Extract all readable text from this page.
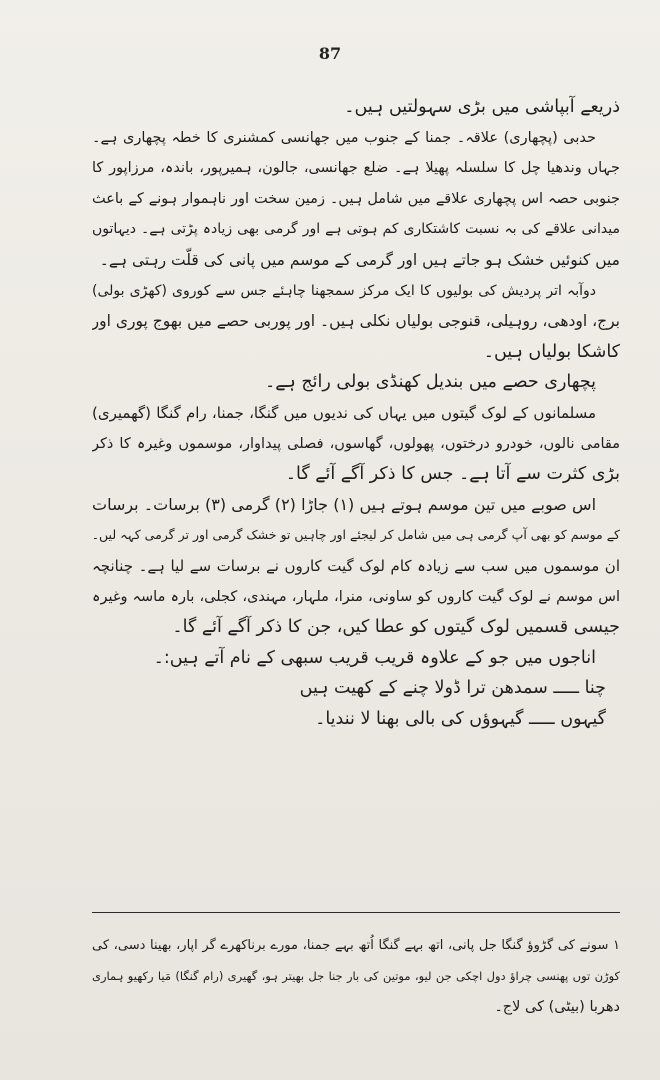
87
ذریعے آبپاشی میں بڑی سہولتیں ہیں۔
حدبی (پچھاری) علاقہ۔ جمنا کے جنوب میں جھانسی کمشنری کا خطہ پچھاری ہے۔
جہاں وندھیا چل کا سلسلہ پھیلا ہے۔ ضلع جھانسی، جالون، ہمیرپور، باندہ، مرزاپور کا
جنوبی حصہ اس پچھاری علاقے میں شامل ہیں۔ زمین سخت اور ناہموار ہونے کے باعث
میدانی علاقے کی بہ نسبت کاشتکاری کم ہوتی ہے اور گرمی بھی زیادہ پڑتی ہے۔ دیہاتوں
میں کنوئیں خشک ہو جاتے ہیں اور گرمی کے موسم میں پانی کی قلّت رہتی ہے۔
دوآبہ اتر پردیش کی بولیوں کا ایک مرکز سمجھنا چاہئے جس سے کوروی (کھڑی بولی)
برج، اودھی، روہیلی، قنوجی بولیاں نکلی ہیں۔ اور پوربی حصے میں بھوج پوری اور
کاشکا بولیاں ہیں۔
پچھاری حصے میں بندیل کھنڈی بولی رائج ہے۔
مسلمانوں کے لوک گیتوں میں یہاں کی ندیوں میں گنگا، جمنا، رام گنگا (گھمیری)
مقامی نالوں، خودرو درختوں، پھولوں، گھاسوں، فصلی پیداوار، موسموں وغیرہ کا ذکر
بڑی کثرت سے آتا ہے۔ جس کا ذکر آگے آئے گا۔
اس صوبے میں تین موسم ہوتے ہیں (۱) جاڑا (۲) گرمی (۳) برسات۔ برسات
کے موسم کو بھی آپ گرمی ہی میں شامل کر لیجئے اور چاہیں تو خشک گرمی اور تر گرمی کہہ لیں۔
ان موسموں میں سب سے زیادہ کام لوک گیت کاروں نے برسات سے لیا ہے۔ چنانچہ
اس موسم نے لوک گیت کاروں کو ساونی، منرا، ملہار، مہندی، کجلی، بارہ ماسہ وغیرہ
جیسی قسمیں لوک گیتوں کو عطا کیں، جن کا ذکر آگے آئے گا۔
اناجوں میں جو کے علاوہ قریب قریب سبھی کے نام آتے ہیں:۔
چنا ـــــ سمدھن ترا ڈولا چنے کے کھیت ہیں
گیہوں ـــــ گیہوؤں کی بالی بھنا لا نندیا۔
۱ سونے کی گڑوؤ گنگا جل پانی، اتھ بہے گنگا اُتھ بہے جمنا، مورے برناکھرے گر اپار، بھینا دسی، کی
کوڑن توں پھنسی چراؤ دول اچکی جن لیو، موتین کی بار جنا جل بھیتر ہو، گھیری (رام گنگا) مَیا رکھیو ہماری
دھربا (بیٹی) کی لاج۔
